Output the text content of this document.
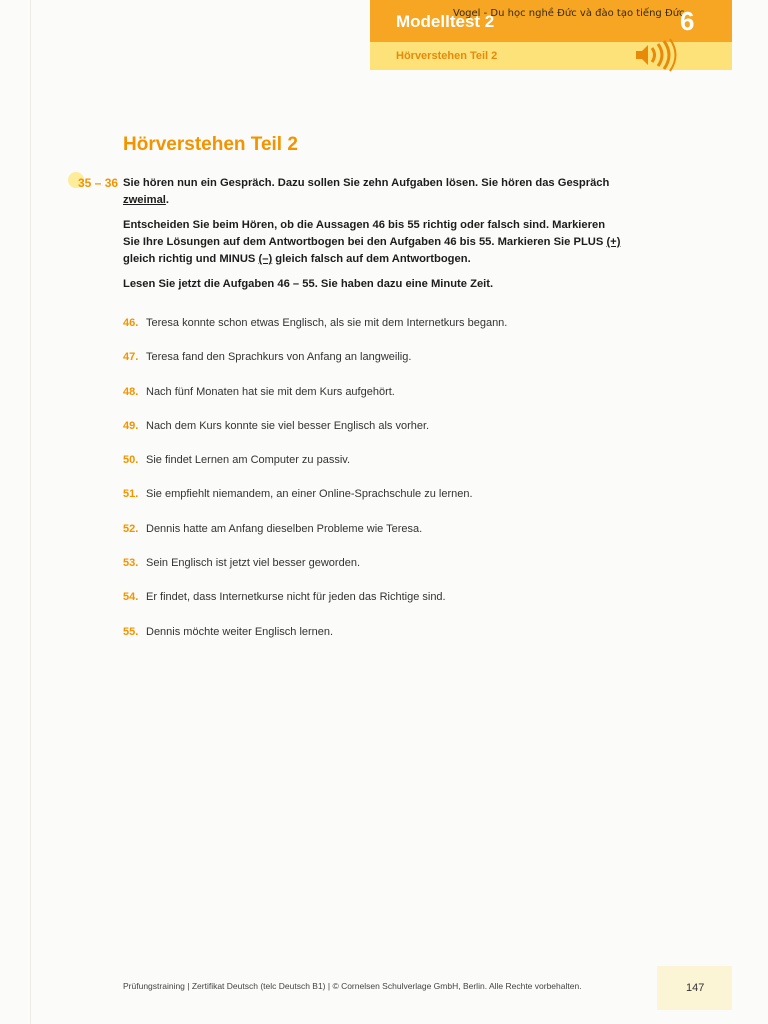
Modelltest 2
Vogel - Du học nghề Đức và đào tạo tiếng Đức
6
Hörverstehen Teil 2
Hörverstehen Teil 2
35 – 36 Sie hören nun ein Gespräch. Dazu sollen Sie zehn Aufgaben lösen. Sie hören das Gespräch zweimal.
Entscheiden Sie beim Hören, ob die Aussagen 46 bis 55 richtig oder falsch sind. Markieren Sie Ihre Lösungen auf dem Antwortbogen bei den Aufgaben 46 bis 55. Markieren Sie PLUS (+) gleich richtig und MINUS (–) gleich falsch auf dem Antwortbogen.
Lesen Sie jetzt die Aufgaben 46 – 55. Sie haben dazu eine Minute Zeit.
46. Teresa konnte schon etwas Englisch, als sie mit dem Internetkurs begann.
47. Teresa fand den Sprachkurs von Anfang an langweilig.
48. Nach fünf Monaten hat sie mit dem Kurs aufgehört.
49. Nach dem Kurs konnte sie viel besser Englisch als vorher.
50. Sie findet Lernen am Computer zu passiv.
51. Sie empfiehlt niemandem, an einer Online-Sprachschule zu lernen.
52. Dennis hatte am Anfang dieselben Probleme wie Teresa.
53. Sein Englisch ist jetzt viel besser geworden.
54. Er findet, dass Internetkurse nicht für jeden das Richtige sind.
55. Dennis möchte weiter Englisch lernen.
Prüfungstraining | Zertifikat Deutsch (telc Deutsch B1) | © Cornelsen Schulverlage GmbH, Berlin. Alle Rechte vorbehalten.	147
